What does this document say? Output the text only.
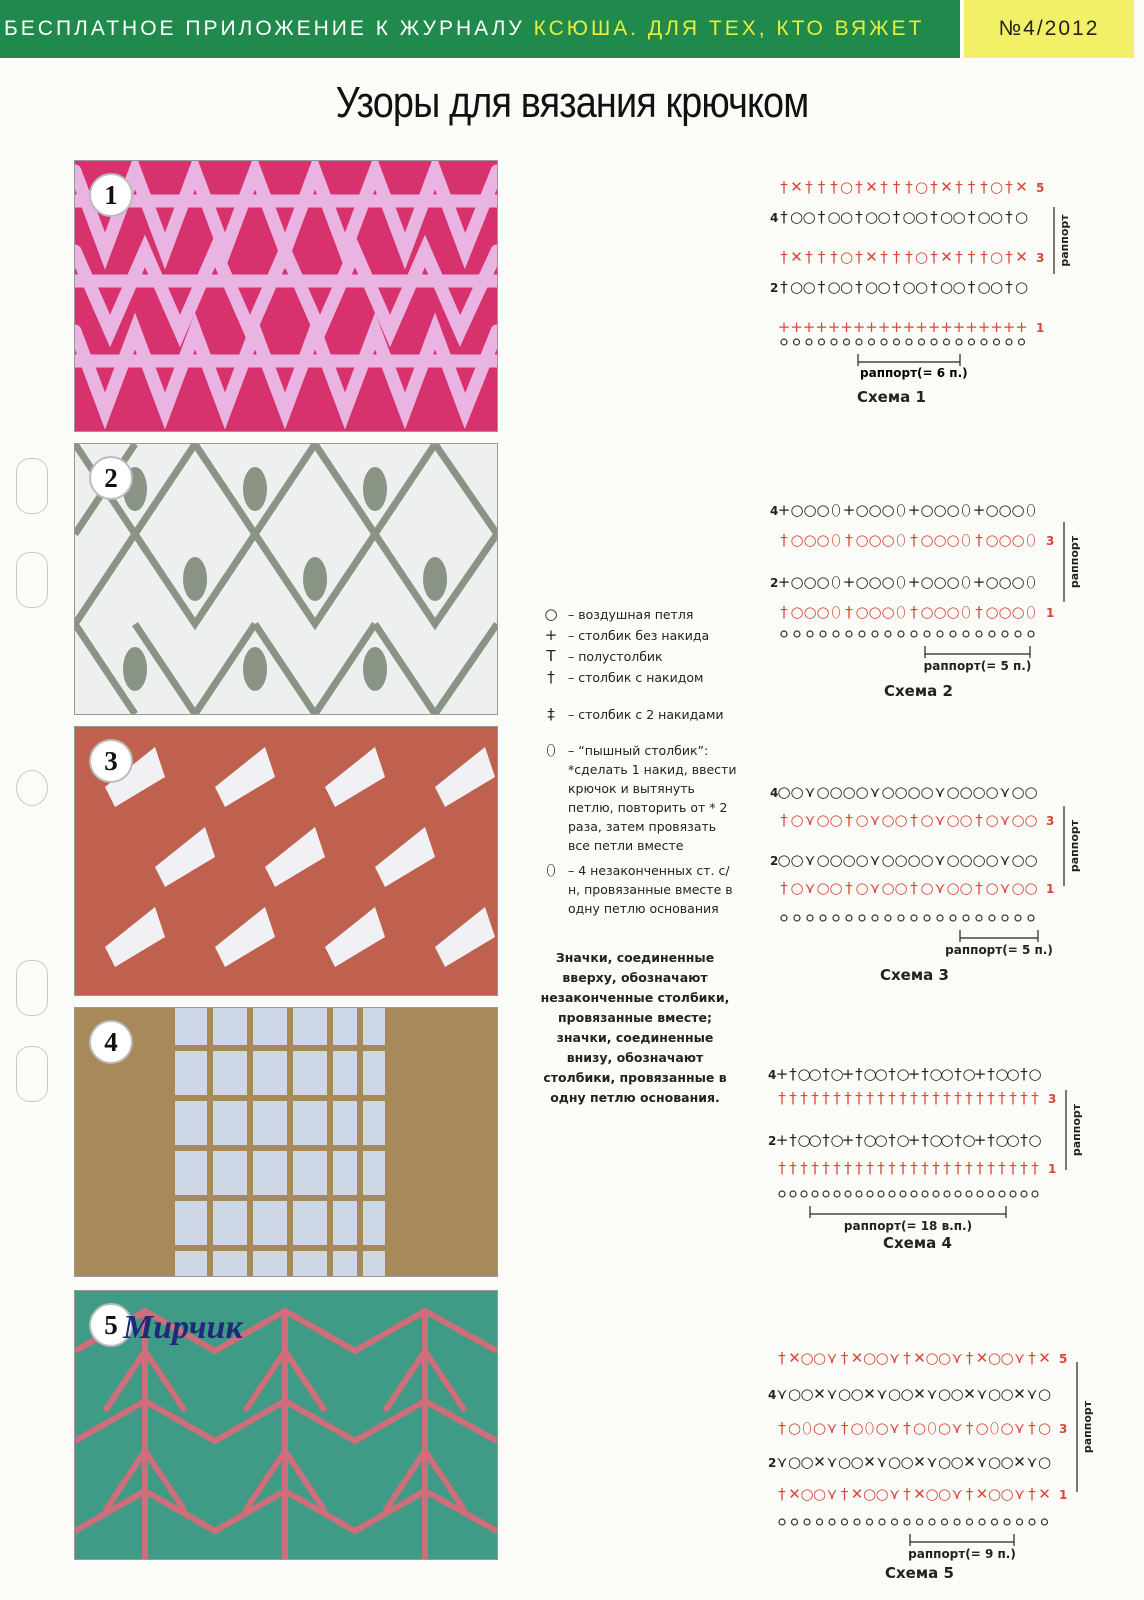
БЕСПЛАТНОЕ ПРИЛОЖЕНИЕ К ЖУРНАЛУ КСЮША. ДЛЯ ТЕХ, КТО ВЯЖЕТ	№4/2012
Узоры для вязания крючком
1
2
3
4
5 Мирчик
○ – воздушная петля
+ – столбик без накида
T – полустолбик
†	– столбик с накидом
‡	– столбик с 2 накидами
⬯ – “пышный столбик”: *сделать 1 накид, ввести крючок и вытянуть петлю, повторить от * 2 раза, затем провязать все петли вместе
⬯ – 4 незаконченных ст. с/н, провязанные вместе в одну петлю основания
Значки, соединенные вверху, обозначают незаконченные столбики, провязанные вместе; значки, соединенные внизу, обозначают столбики, провязанные в одну петлю основания.
раппорт(= 6 п.)
+ + + + + + + + + + + + + + + + + + + + 1
† ○ ○ † ○ ○ † ○ ○ † ○ ○ † ○ ○ † ○ ○ † ○
2
† ✕ † † † ○ † ✕ † † † ○ † ✕ † † † ○ † ✕ 3
† ○ ○ † ○ ○ † ○ ○ † ○ ○ † ○ ○ † ○ ○ † ○
4
† ✕ † † † ○ † ✕ † † † ○ † ✕ † † † ○ † ✕ 5
раппорт
Схема 1
† ○ ○ ○ ⬯ † ○ ○ ○ ⬯ † ○ ○ ○ ⬯ † ○ ○ ○ ⬯ 1
+ ○ ○ ○ ⬯ + ○ ○ ○ ⬯ + ○ ○ ○ ⬯ + ○ ○ ○ ⬯
2
† ○ ○ ○ ⬯ † ○ ○ ○ ⬯ † ○ ○ ○ ⬯ † ○ ○ ○ ⬯ 3
+ ○ ○ ○ ⬯ + ○ ○ ○ ⬯ + ○ ○ ○ ⬯ + ○ ○ ○ ⬯
4
раппорт(= 5 п.)
раппорт
Схема 2
† ○ ⋎ ○ ○ † ○ ⋎ ○ ○ † ○ ⋎ ○ ○ † ○ ⋎ ○ ○ 1
○ ○ ⋎ ○ ○ ○ ○ ⋎ ○ ○ ○ ○ ⋎ ○ ○ ○ ○ ⋎ ○ ○
2
† ○ ⋎ ○ ○ † ○ ⋎ ○ ○ † ○ ⋎ ○ ○ † ○ ⋎ ○ ○ 3
○ ○ ⋎ ○ ○ ○ ○ ⋎ ○ ○ ○ ○ ⋎ ○ ○ ○ ○ ⋎ ○ ○
4
раппорт(= 5 п.)
раппорт
Схема 3
† † † † † † † † † † † † † † † † † † † † † † † † 1
+ † ○
○ † ○
+ † ○
○ † ○
+ † ○
○ † ○
+ † ○
○ † ○
2
† † † † † † † † † † † † † † † † † † † † † † † † 3
+ † ○
○ † ○
+ † ○
○ † ○
+ † ○
○ † ○
+ † ○
○ † ○
4
раппорт(= 18 в.п.)
раппорт
Схема 4
† ✕ ○ ○ ⋎ † ✕ ○ ○ ⋎ † ✕ ○ ○ ⋎ † ✕ ○ ○ ⋎ † ✕ 1
⋎ ○ ○ ✕ ⋎ ○ ○ ✕ ⋎ ○ ○ ✕ ⋎ ○ ○ ✕ ⋎ ○ ○ ✕ ⋎ ○
2
† ○ ⬯ ○ ⋎ † ○ ⬯ ○ ⋎ † ○ ⬯ ○ ⋎ † ○ ⬯ ○ ⋎ † ○ 3
⋎ ○ ○ ✕ ⋎ ○ ○ ✕ ⋎ ○ ○ ✕ ⋎ ○ ○ ✕ ⋎ ○ ○ ✕ ⋎ ○
4
† ✕ ○ ○ ⋎ † ✕ ○ ○ ⋎ † ✕ ○ ○ ⋎ † ✕ ○ ○ ⋎ † ✕ 5
раппорт(= 9 п.)
раппорт
Схема 5
